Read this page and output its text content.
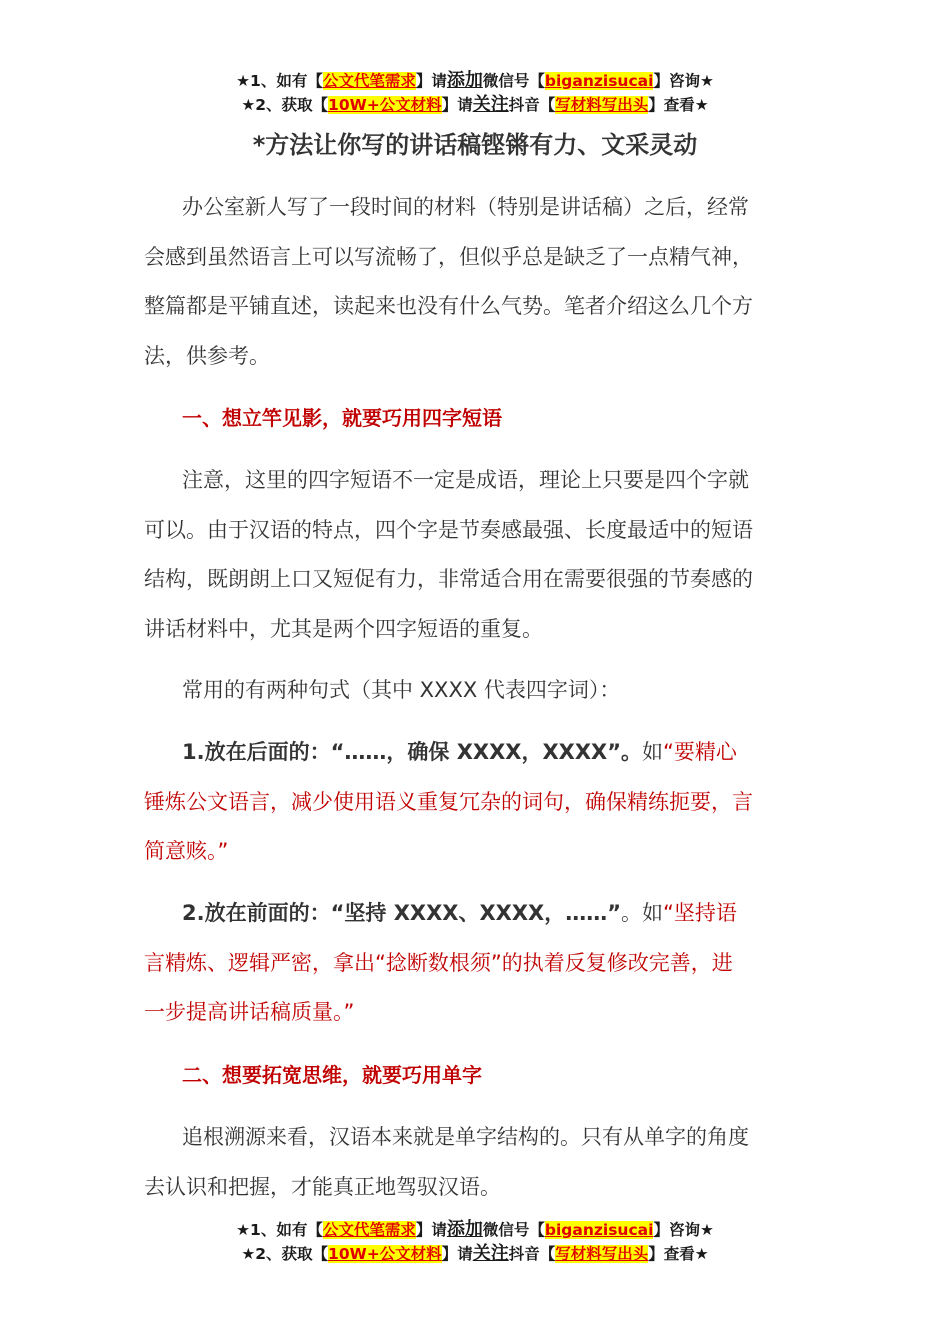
★1、如有【公文代笔需求】请添加微信号【biganzisucai】咨询★
★2、获取【10W+公文材料】请关注抖音【写材料写出头】查看★
*方法让你写的讲话稿铿锵有力、文采灵动
办公室新人写了一段时间的材料（特别是讲话稿）之后，经常
会感到虽然语言上可以写流畅了，但似乎总是缺乏了一点精气神，
整篇都是平铺直述，读起来也没有什么气势。笔者介绍这么几个方
法，供参考。
一、想立竿见影，就要巧用四字短语
注意，这里的四字短语不一定是成语，理论上只要是四个字就
可以。由于汉语的特点，四个字是节奏感最强、长度最适中的短语
结构，既朗朗上口又短促有力，非常适合用在需要很强的节奏感的
讲话材料中，尤其是两个四字短语的重复。
常用的有两种句式（其中 XXXX 代表四字词）：
1.放在后面的：“……，确保 XXXX，XXXX”。如“要精心
锤炼公文语言，减少使用语义重复冗杂的词句，确保精练扼要，言
简意赅。”
2.放在前面的：“坚持 XXXX、XXXX，……”。如“坚持语
言精炼、逻辑严密，拿出“捻断数根须”的执着反复修改完善，进
一步提高讲话稿质量。”
二、想要拓宽思维，就要巧用单字
追根溯源来看，汉语本来就是单字结构的。只有从单字的角度
去认识和把握，才能真正地驾驭汉语。
★1、如有【公文代笔需求】请添加微信号【biganzisucai】咨询★
★2、获取【10W+公文材料】请关注抖音【写材料写出头】查看★
